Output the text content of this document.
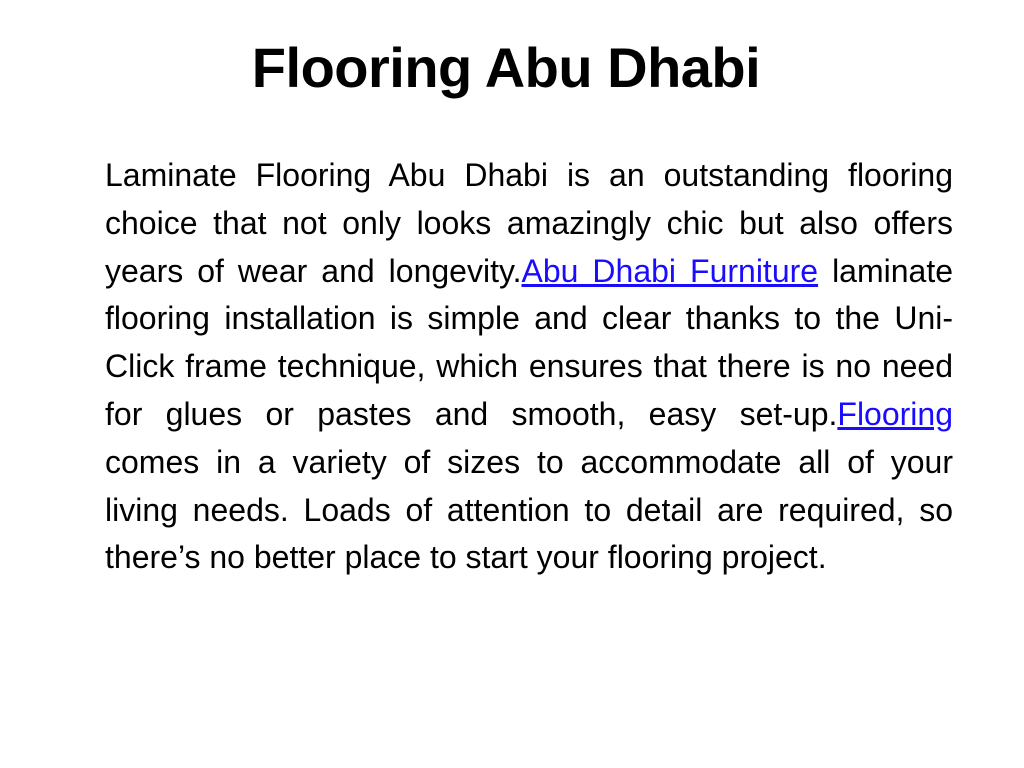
Flooring Abu Dhabi

Laminate Flooring Abu Dhabi is an outstanding flooring choice that not only looks amazingly chic but also offers years of wear and longevity.Abu Dhabi Furniture laminate flooring installation is simple and clear thanks to the Uni-Click frame technique, which ensures that there is no need for glues or pastes and smooth, easy set-up.Flooring comes in a variety of sizes to accommodate all of your living needs. Loads of attention to detail are required, so there’s no better place to start your flooring project.
